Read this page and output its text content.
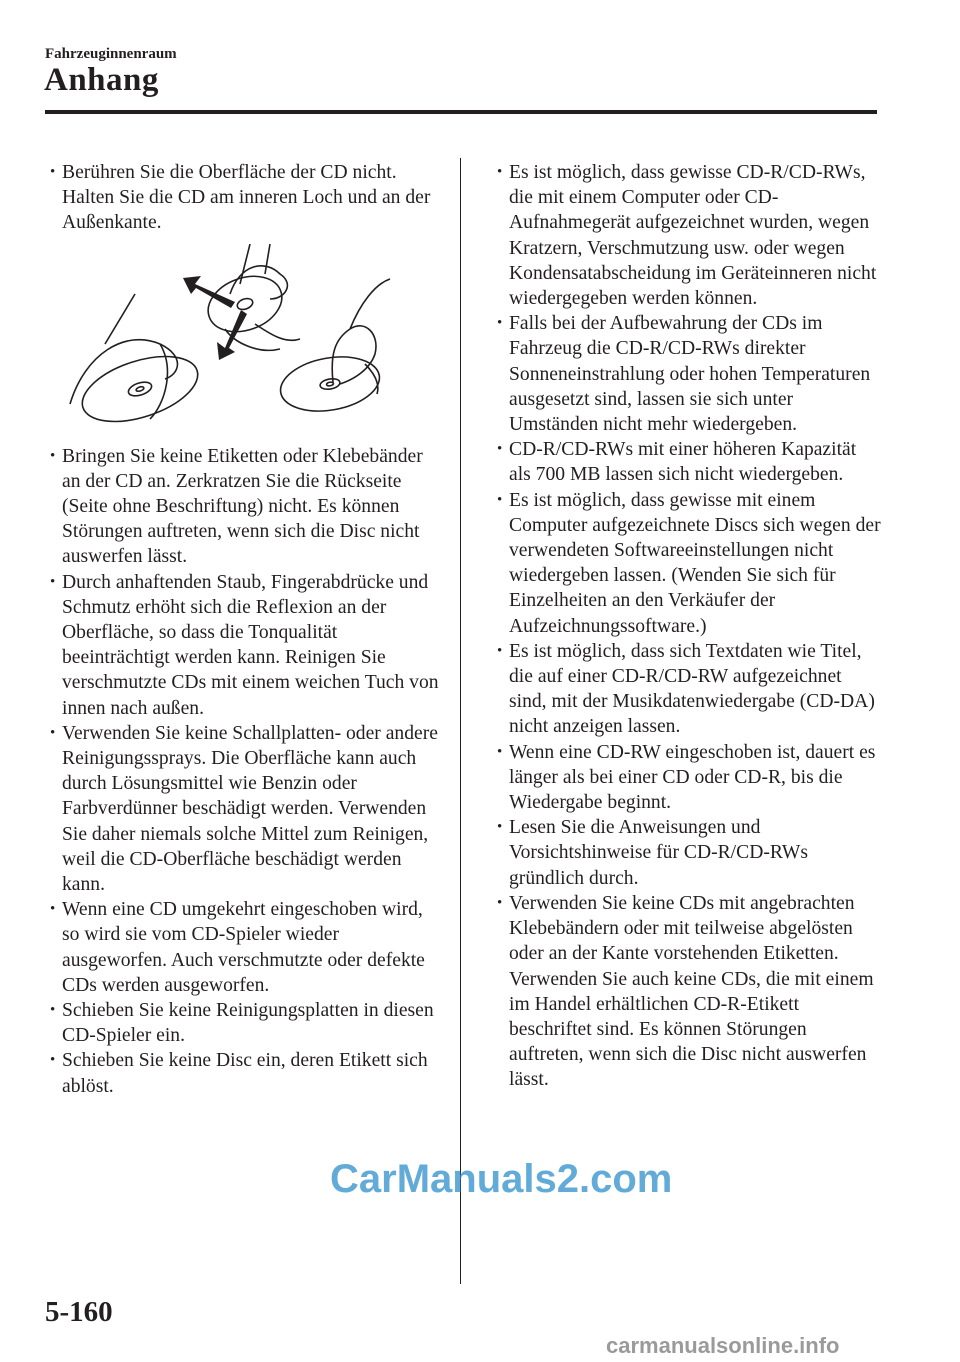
Fahrzeuginnenraum
Anhang
• Berühren Sie die Oberfläche der CD nicht. Halten Sie die CD am inneren Loch und an der Außenkante.
• Bringen Sie keine Etiketten oder Klebebänder an der CD an. Zerkratzen Sie die Rückseite (Seite ohne Beschriftung) nicht. Es können Störungen auftreten, wenn sich die Disc nicht auswerfen lässt.
• Durch anhaftenden Staub, Fingerabdrücke und Schmutz erhöht sich die Reflexion an der Oberfläche, so dass die Tonqualität beeinträchtigt werden kann. Reinigen Sie verschmutzte CDs mit einem weichen Tuch von innen nach außen.
• Verwenden Sie keine Schallplatten- oder andere Reinigungssprays. Die Oberfläche kann auch durch Lösungsmittel wie Benzin oder Farbverdünner beschädigt werden. Verwenden Sie daher niemals solche Mittel zum Reinigen, weil die CD-Oberfläche beschädigt werden kann.
• Wenn eine CD umgekehrt eingeschoben wird, so wird sie vom CD-Spieler wieder ausgeworfen. Auch verschmutzte oder defekte CDs werden ausgeworfen.
• Schieben Sie keine Reinigungsplatten in diesen CD-Spieler ein.
• Schieben Sie keine Disc ein, deren Etikett sich ablöst.
• Es ist möglich, dass gewisse CD-R/CD-RWs, die mit einem Computer oder CD-Aufnahmegerät aufgezeichnet wurden, wegen Kratzern, Verschmutzung usw. oder wegen Kondensatabscheidung im Geräteinneren nicht wiedergegeben werden können.
• Falls bei der Aufbewahrung der CDs im Fahrzeug die CD-R/CD-RWs direkter Sonneneinstrahlung oder hohen Temperaturen ausgesetzt sind, lassen sie sich unter Umständen nicht mehr wiedergeben.
• CD-R/CD-RWs mit einer höheren Kapazität als 700 MB lassen sich nicht wiedergeben.
• Es ist möglich, dass gewisse mit einem Computer aufgezeichnete Discs sich wegen der verwendeten Softwareeinstellungen nicht wiedergeben lassen. (Wenden Sie sich für Einzelheiten an den Verkäufer der Aufzeichnungssoftware.)
• Es ist möglich, dass sich Textdaten wie Titel, die auf einer CD-R/CD-RW aufgezeichnet sind, mit der Musikdatenwiedergabe (CD-DA) nicht anzeigen lassen.
• Wenn eine CD-RW eingeschoben ist, dauert es länger als bei einer CD oder CD-R, bis die Wiedergabe beginnt.
• Lesen Sie die Anweisungen und Vorsichtshinweise für CD-R/CD-RWs gründlich durch.
• Verwenden Sie keine CDs mit angebrachten Klebebändern oder mit teilweise abgelösten oder an der Kante vorstehenden Etiketten. Verwenden Sie auch keine CDs, die mit einem im Handel erhältlichen CD-R-Etikett beschriftet sind. Es können Störungen auftreten, wenn sich die Disc nicht auswerfen lässt.
CarManuals2.com
5-160
carmanualsonline.info
